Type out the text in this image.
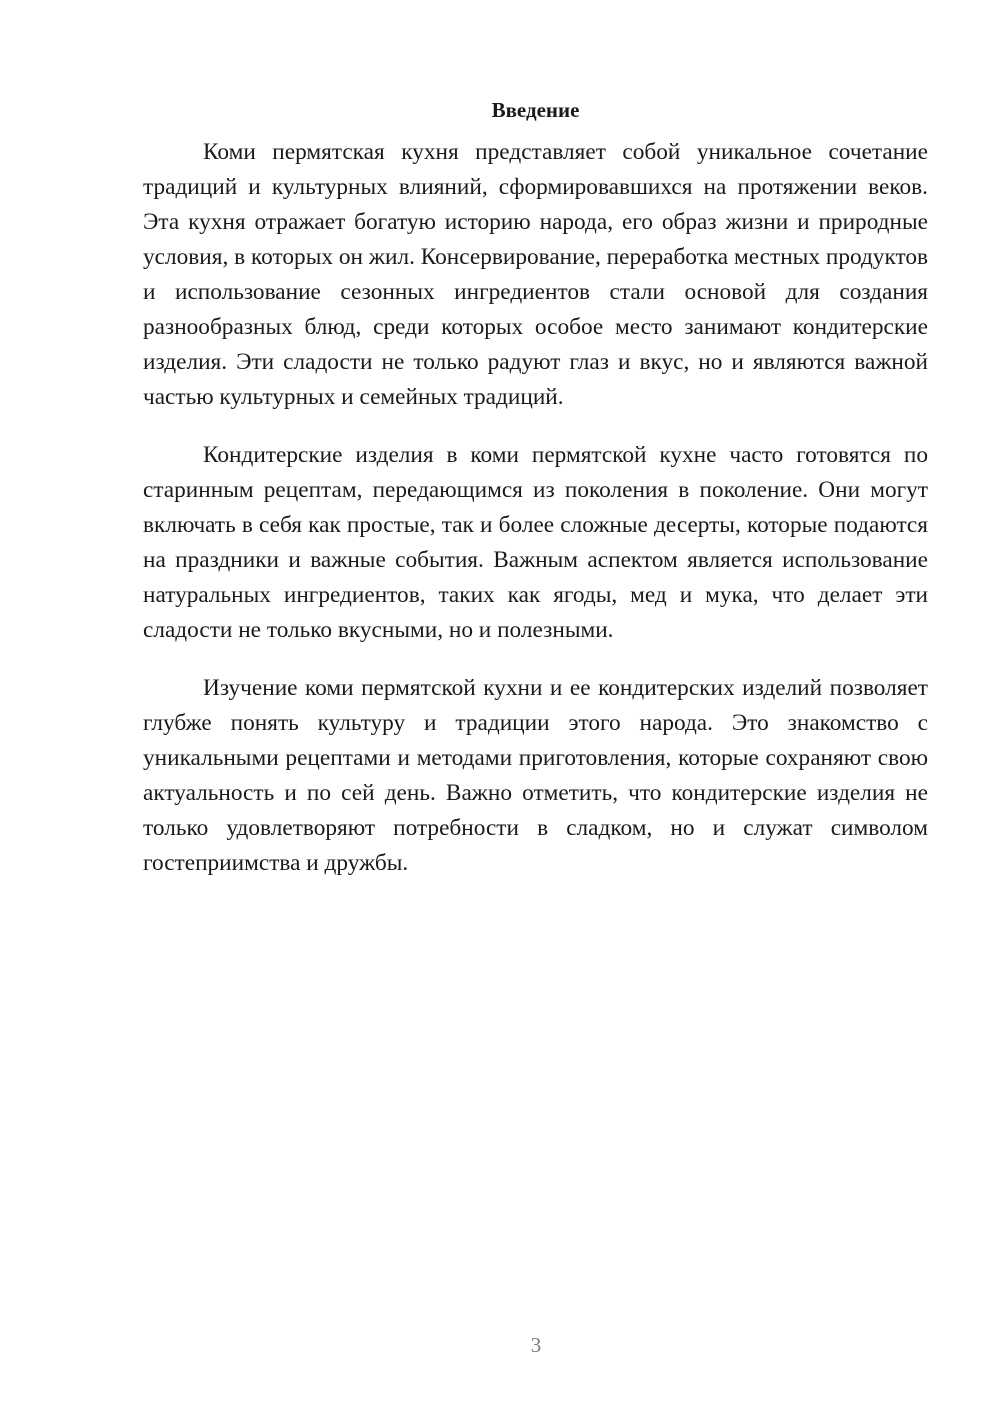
Введение

Коми пермятская кухня представляет собой уникальное сочетание традиций и культурных влияний, сформировавшихся на протяжении веков. Эта кухня отражает богатую историю народа, его образ жизни и природные условия, в которых он жил. Консервирование, переработка местных продуктов и использование сезонных ингредиентов стали основой для создания разнообразных блюд, среди которых особое место занимают кондитерские изделия. Эти сладости не только радуют глаз и вкус, но и являются важной частью культурных и семейных традиций.

Кондитерские изделия в коми пермятской кухне часто готовятся по старинным рецептам, передающимся из поколения в поколение. Они могут включать в себя как простые, так и более сложные десерты, которые подаются на праздники и важные события. Важным аспектом является использование натуральных ингредиентов, таких как ягоды, мед и мука, что делает эти сладости не только вкусными, но и полезными.

Изучение коми пермятской кухни и ее кондитерских изделий позволяет глубже понять культуру и традиции этого народа. Это знакомство с уникальными рецептами и методами приготовления, которые сохраняют свою актуальность и по сей день. Важно отметить, что кондитерские изделия не только удовлетворяют потребности в сладком, но и служат символом гостеприимства и дружбы.

3
